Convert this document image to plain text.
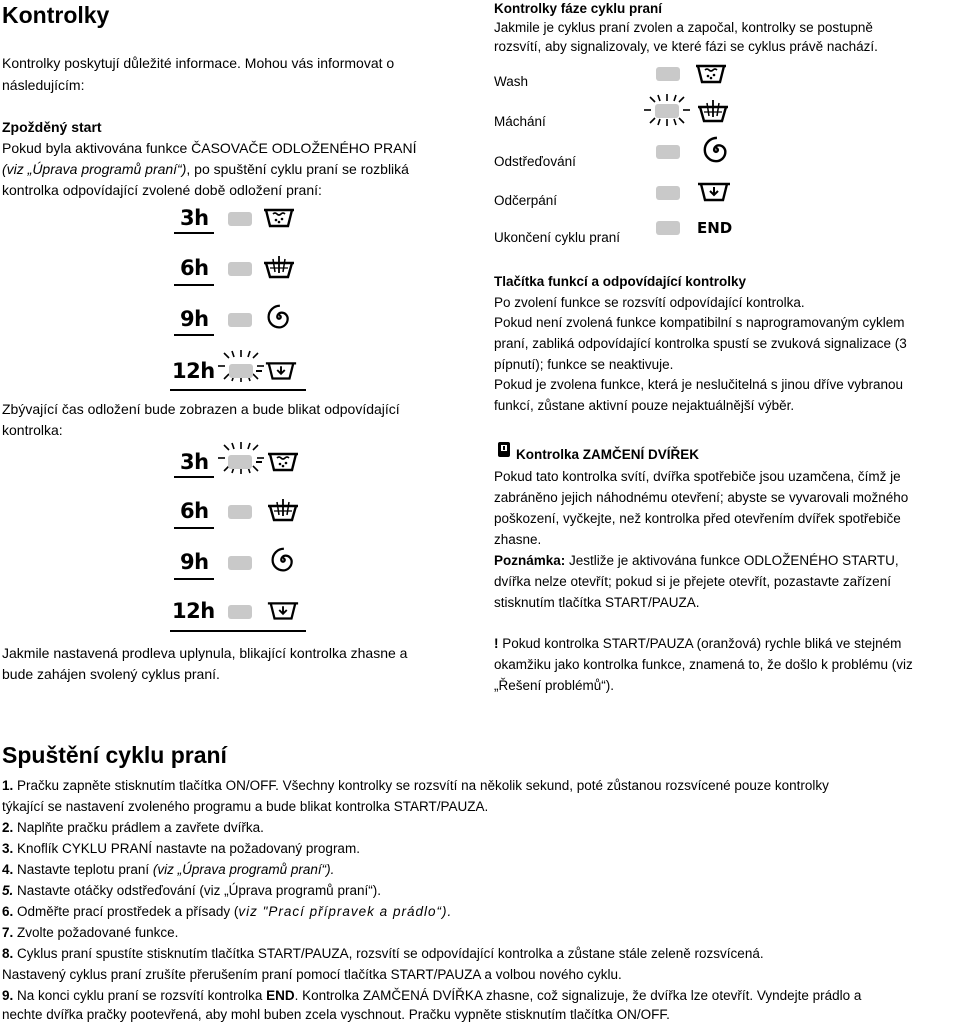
Kontrolky
Kontrolky poskytují důležité informace. Mohou vás informovat o
následujícím:
Zpožděný start
Pokud byla aktivována funkce ČASOVAČE ODLOŽENÉHO PRANÍ
(viz „Úprava programů praní“), po spuštění cyklu praní se rozbliká
kontrolka odpovídající zvolené době odložení praní:
3h
6h
9h
12h
Zbývající čas odložení bude zobrazen a bude blikat odpovídající
kontrolka:
3h
6h
9h
12h
Jakmile nastavená prodleva uplynula, blikající kontrolka zhasne a
bude zahájen svolený cyklus praní.
Kontrolky fáze cyklu praní
Jakmile je cyklus praní zvolen a započal, kontrolky se postupně
rozsvítí, aby signalizovaly, ve které fázi se cyklus právě nachází.
Wash
Máchání
Odstřeďování
Odčerpání
Ukončení cyklu praní
END
Tlačítka funkcí a odpovídající kontrolky
Po zvolení funkce se rozsvítí odpovídající kontrolka.
Pokud není zvolená funkce kompatibilní s naprogramovaným cyklem
praní, zabliká odpovídající kontrolka spustí se zvuková signalizace (3
pípnutí); funkce se neaktivuje.
Pokud je zvolena funkce, která je neslučitelná s jinou dříve vybranou
funkcí, zůstane aktivní pouze nejaktuálnější výběr.
Kontrolka ZAMČENÍ DVÍŘEK
Pokud tato kontrolka svítí, dvířka spotřebiče jsou uzamčena, čímž je
zabráněno jejich náhodnému otevření; abyste se vyvarovali možného
poškození, vyčkejte, než kontrolka před otevřením dvířek spotřebiče
zhasne.
Poznámka: Jestliže je aktivována funkce ODLOŽENÉHO STARTU,
dvířka nelze otevřít; pokud si je přejete otevřít, pozastavte zařízení
stisknutím tlačítka START/PAUZA.
! Pokud kontrolka START/PAUZA (oranžová) rychle bliká ve stejném
okamžiku jako kontrolka funkce, znamená to, že došlo k problému (viz
„Řešení problémů“).
Spuštění cyklu praní
1. Pračku zapněte stisknutím tlačítka ON/OFF. Všechny kontrolky se rozsvítí na několik sekund, poté zůstanou rozsvícené pouze kontrolky
týkající se nastavení zvoleného programu a bude blikat kontrolka START/PAUZA.
2. Naplňte pračku prádlem a zavřete dvířka.
3. Knoflík CYKLU PRANÍ nastavte na požadovaný program.
4. Nastavte teplotu praní (viz „Úprava programů praní“).
5. Nastavte otáčky odstřeďování (viz „Úprava programů praní“).
6. Odměřte prací prostředek a přísady (viz "Prací přípravek a prádlo“).
7. Zvolte požadované funkce.
8. Cyklus praní spustíte stisknutím tlačítka START/PAUZA, rozsvítí se odpovídající kontrolka a zůstane stále zeleně rozsvícená.
Nastavený cyklus praní zrušíte přerušením praní pomocí tlačítka START/PAUZA a volbou nového cyklu.
9. Na konci cyklu praní se rozsvítí kontrolka END. Kontrolka ZAMČENÁ DVÍŘKA zhasne, což signalizuje, že dvířka lze otevřít. Vyndejte prádlo a
nechte dvířka pračky pootevřená, aby mohl buben zcela vyschnout. Pračku vypněte stisknutím tlačítka ON/OFF.
